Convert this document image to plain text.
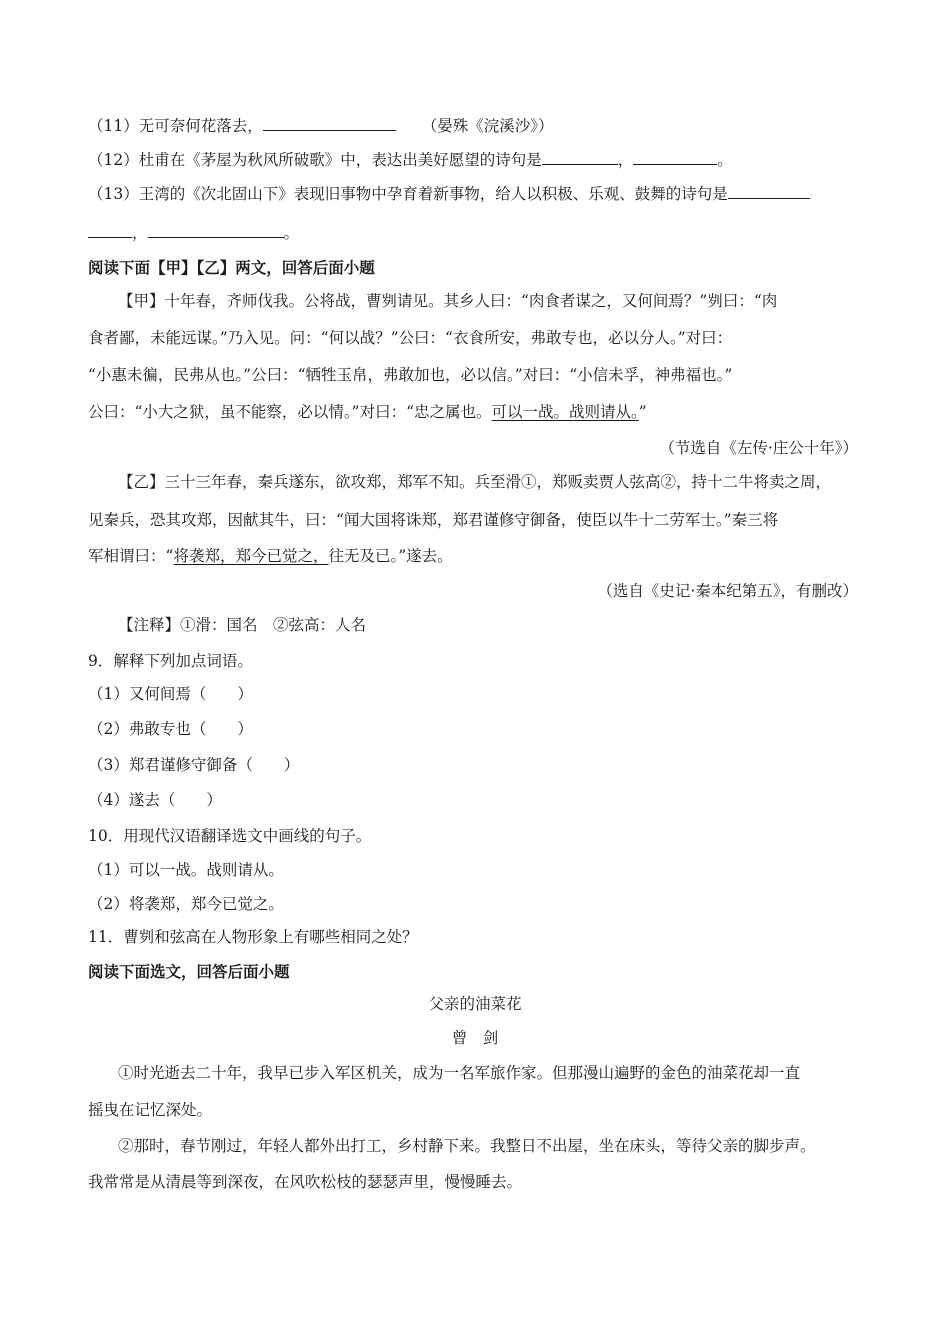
（11）无可奈何花落去，	（晏殊《浣溪沙》）
（12）杜甫在《茅屋为秋风所破歌》中，表达出美好愿望的诗句是	，	。
（13）王湾的《次北固山下》表现旧事物中孕育着新事物，给人以积极、乐观、鼓舞的诗句是
，	。
阅读下面【甲】【乙】两文，回答后面小题
【甲】十年春，齐师伐我。公将战，曹刿请见。其乡人曰：“肉食者谋之，又何间焉？”刿曰：“肉
食者鄙，未能远谋。”乃入见。问：“何以战？”公曰：“衣食所安，弗敢专也，必以分人。”对曰：
“小惠未徧，民弗从也。”公曰：“牺牲玉帛，弗敢加也，必以信。”对曰：“小信未孚，神弗福也。”
公曰：“小大之狱，虽不能察，必以情。”对曰：“忠之属也。可以一战。战则请从。”
（节选自《左传·庄公十年》）
【乙】三十三年春，秦兵遂东，欲攻郑，郑军不知。兵至滑①，郑贩卖贾人弦高②，持十二牛将卖之周，
见秦兵，恐其攻郑，因献其牛，曰：“闻大国将诛郑，郑君谨修守御备，使臣以牛十二劳军士。”秦三将
军相谓曰：“将袭郑，郑今已觉之，往无及已。”遂去。
（选自《史记·秦本纪第五》，有删改）
【注释】①滑：国名　②弦高：人名
9．解释下列加点词语。
（1）又何间焉（　　）
（2）弗敢专也（　　）
（3）郑君谨修守御备（　　）
（4）遂去（　　）
10．用现代汉语翻译选文中画线的句子。
（1）可以一战。战则请从。
（2）将袭郑，郑今已觉之。
11．曹刿和弦高在人物形象上有哪些相同之处？
阅读下面选文，回答后面小题
父亲的油菜花
曾　剑
①时光逝去二十年，我早已步入军区机关，成为一名军旅作家。但那漫山遍野的金色的油菜花却一直
摇曳在记忆深处。
②那时，春节刚过，年轻人都外出打工，乡村静下来。我整日不出屋，坐在床头，等待父亲的脚步声。
我常常是从清晨等到深夜，在风吹松枝的瑟瑟声里，慢慢睡去。
